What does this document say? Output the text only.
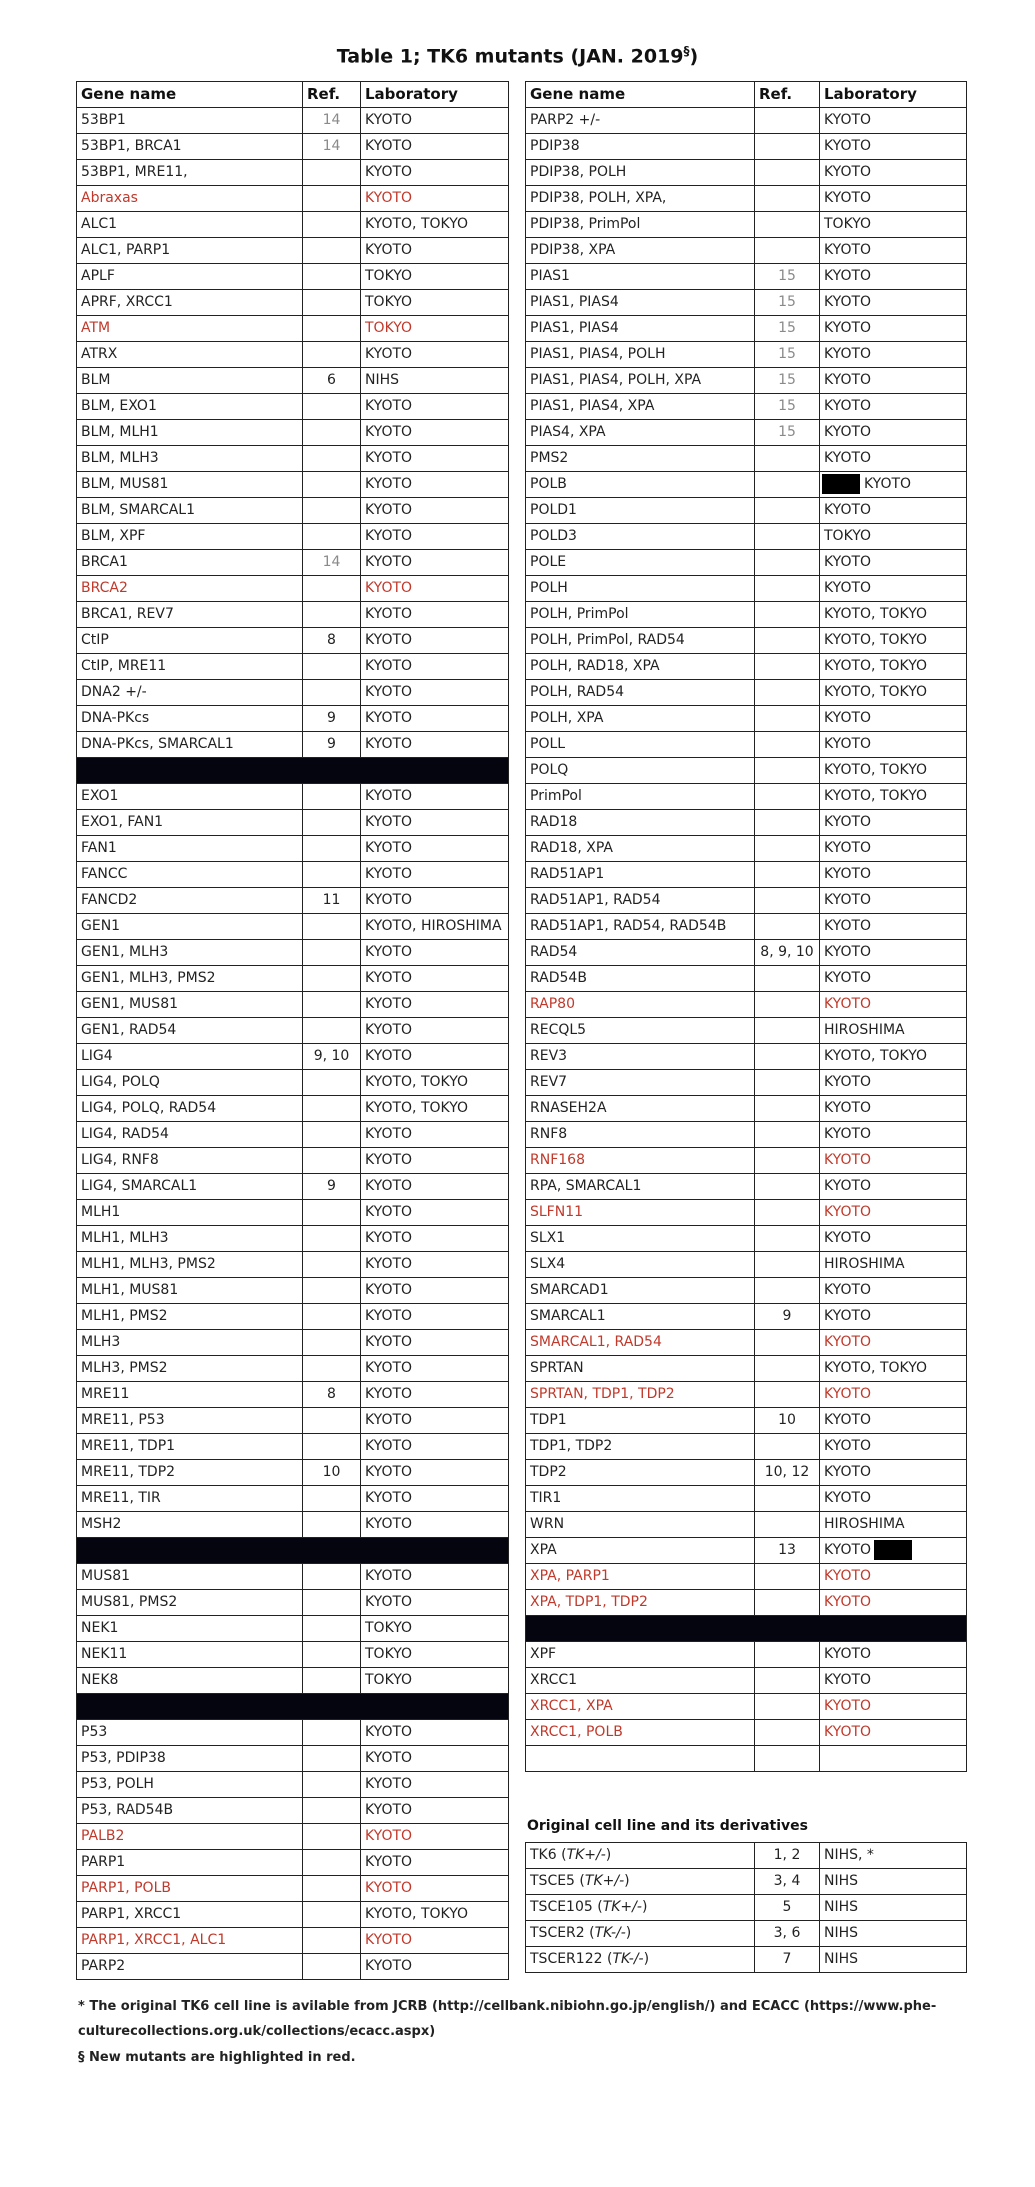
Table 1; TK6 mutants (JAN. 2019§)
Gene name	Ref.	Laboratory
53BP1	14	KYOTO
53BP1, BRCA1	14	KYOTO
53BP1, MRE11,		KYOTO
Abraxas		KYOTO
ALC1		KYOTO, TOKYO
ALC1, PARP1		KYOTO
APLF		TOKYO
APRF, XRCC1		TOKYO
ATM		TOKYO
ATRX		KYOTO
BLM	6	NIHS
BLM, EXO1		KYOTO
BLM, MLH1		KYOTO
BLM, MLH3		KYOTO
BLM, MUS81		KYOTO
BLM, SMARCAL1		KYOTO
BLM, XPF		KYOTO
BRCA1	14	KYOTO
BRCA2		KYOTO
BRCA1, REV7		KYOTO
CtIP	8	KYOTO
CtIP, MRE11		KYOTO
DNA2 +/-		KYOTO
DNA-PKcs	9	KYOTO
DNA-PKcs, SMARCAL1	9	KYOTO

EXO1		KYOTO
EXO1, FAN1		KYOTO
FAN1		KYOTO
FANCC		KYOTO
FANCD2	11	KYOTO
GEN1		KYOTO, HIROSHIMA
GEN1, MLH3		KYOTO
GEN1, MLH3, PMS2		KYOTO
GEN1, MUS81		KYOTO
GEN1, RAD54		KYOTO
LIG4	9, 10	KYOTO
LIG4, POLQ		KYOTO, TOKYO
LIG4, POLQ, RAD54		KYOTO, TOKYO
LIG4, RAD54		KYOTO
LIG4, RNF8		KYOTO
LIG4, SMARCAL1	9	KYOTO
MLH1		KYOTO
MLH1, MLH3		KYOTO
MLH1, MLH3, PMS2		KYOTO
MLH1, MUS81		KYOTO
MLH1, PMS2		KYOTO
MLH3		KYOTO
MLH3, PMS2		KYOTO
MRE11	8	KYOTO
MRE11, P53		KYOTO
MRE11, TDP1		KYOTO
MRE11, TDP2	10	KYOTO
MRE11, TIR		KYOTO
MSH2		KYOTO

MUS81		KYOTO
MUS81, PMS2		KYOTO
NEK1		TOKYO
NEK11		TOKYO
NEK8		TOKYO

P53		KYOTO
P53, PDIP38		KYOTO
P53, POLH		KYOTO
P53, RAD54B		KYOTO
PALB2		KYOTO
PARP1		KYOTO
PARP1, POLB		KYOTO
PARP1, XRCC1		KYOTO, TOKYO
PARP1, XRCC1, ALC1		KYOTO
PARP2		KYOTO
Gene name	Ref.	Laboratory
PARP2 +/-		KYOTO
PDIP38		KYOTO
PDIP38, POLH		KYOTO
PDIP38, POLH, XPA,		KYOTO
PDIP38, PrimPol		TOKYO
PDIP38, XPA		KYOTO
PIAS1	15	KYOTO
PIAS1, PIAS4	15	KYOTO
PIAS1, PIAS4	15	KYOTO
PIAS1, PIAS4, POLH	15	KYOTO
PIAS1, PIAS4, POLH, XPA	15	KYOTO
PIAS1, PIAS4, XPA	15	KYOTO
PIAS4, XPA	15	KYOTO
PMS2		KYOTO
POLB		KYOTO
POLD1		KYOTO
POLD3		TOKYO
POLE		KYOTO
POLH		KYOTO
POLH, PrimPol		KYOTO, TOKYO
POLH, PrimPol, RAD54		KYOTO, TOKYO
POLH, RAD18, XPA		KYOTO, TOKYO
POLH, RAD54		KYOTO, TOKYO
POLH, XPA		KYOTO
POLL		KYOTO
POLQ		KYOTO, TOKYO
PrimPol		KYOTO, TOKYO
RAD18		KYOTO
RAD18, XPA		KYOTO
RAD51AP1		KYOTO
RAD51AP1, RAD54		KYOTO
RAD51AP1, RAD54, RAD54B		KYOTO
RAD54	8, 9, 10	KYOTO
RAD54B		KYOTO
RAP80		KYOTO
RECQL5		HIROSHIMA
REV3		KYOTO, TOKYO
REV7		KYOTO
RNASEH2A		KYOTO
RNF8		KYOTO
RNF168		KYOTO
RPA, SMARCAL1		KYOTO
SLFN11		KYOTO
SLX1		KYOTO
SLX4		HIROSHIMA
SMARCAD1		KYOTO
SMARCAL1	9	KYOTO
SMARCAL1, RAD54		KYOTO
SPRTAN		KYOTO, TOKYO
SPRTAN, TDP1, TDP2		KYOTO
TDP1	10	KYOTO
TDP1, TDP2		KYOTO
TDP2	10, 12	KYOTO
TIR1		KYOTO
WRN		HIROSHIMA
XPA	13	KYOTO
XPA, PARP1		KYOTO
XPA, TDP1, TDP2		KYOTO

XPF		KYOTO
XRCC1		KYOTO
XRCC1, XPA		KYOTO
XRCC1, POLB		KYOTO

Original cell line and its derivatives
TK6 (TK+/-)	1, 2	NIHS, *
TSCE5 (TK+/-)	3, 4	NIHS
TSCE105 (TK+/-)	5	NIHS
TSCER2 (TK-/-)	3, 6	NIHS
TSCER122 (TK-/-)	7	NIHS
* The original TK6 cell line is avilable from JCRB (http://cellbank.nibiohn.go.jp/english/) and ECACC (https://www.phe-culturecollections.org.uk/collections/ecacc.aspx)
§ New mutants are highlighted in red.
